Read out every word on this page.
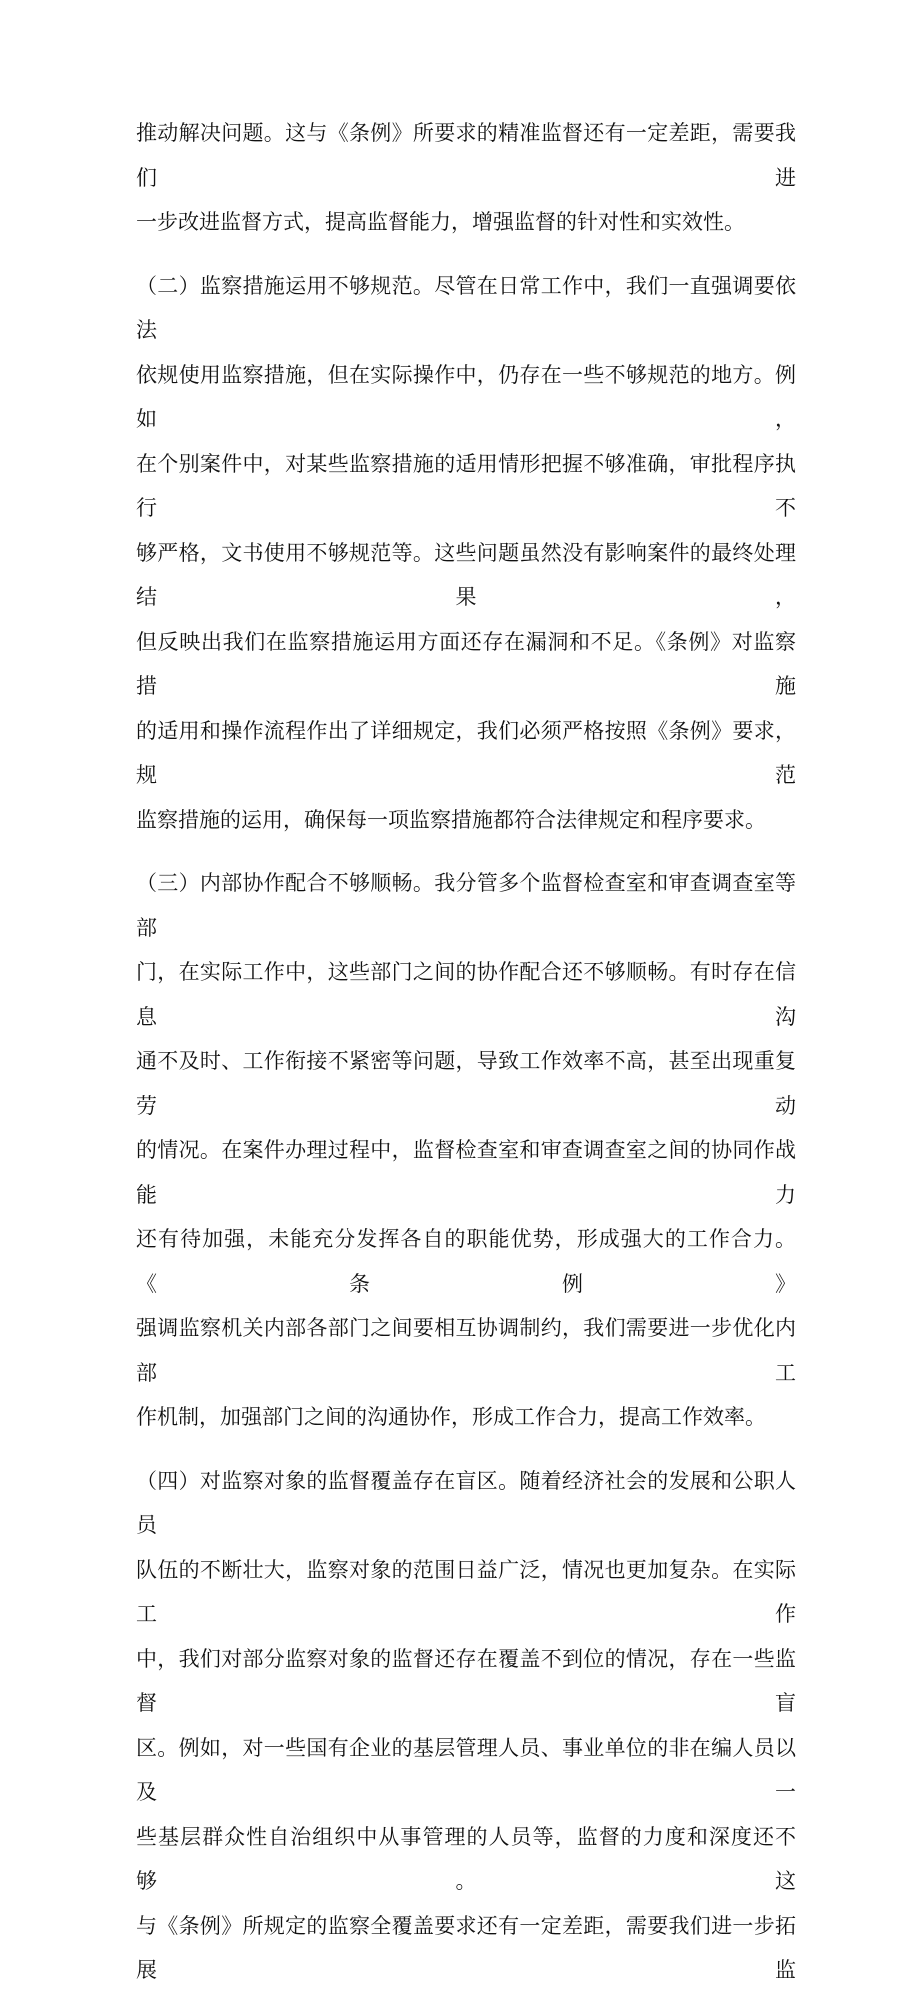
推动解决问题。这与《条例》所要求的精准监督还有一定差距，需要我们进
一步改进监督方式，提高监督能力，增强监督的针对性和实效性。

（二）监察措施运用不够规范。尽管在日常工作中，我们一直强调要依法
依规使用监察措施，但在实际操作中，仍存在一些不够规范的地方。例如，
在个别案件中，对某些监察措施的适用情形把握不够准确，审批程序执行不
够严格，文书使用不够规范等。这些问题虽然没有影响案件的最终处理结果，
但反映出我们在监察措施运用方面还存在漏洞和不足。《条例》对监察措施
的适用和操作流程作出了详细规定，我们必须严格按照《条例》要求，规范
监察措施的运用，确保每一项监察措施都符合法律规定和程序要求。

（三）内部协作配合不够顺畅。我分管多个监督检查室和审查调查室等部
门，在实际工作中，这些部门之间的协作配合还不够顺畅。有时存在信息沟
通不及时、工作衔接不紧密等问题，导致工作效率不高，甚至出现重复劳动
的情况。在案件办理过程中，监督检查室和审查调查室之间的协同作战能力
还有待加强，未能充分发挥各自的职能优势，形成强大的工作合力。《条例》
强调监察机关内部各部门之间要相互协调制约，我们需要进一步优化内部工
作机制，加强部门之间的沟通协作，形成工作合力，提高工作效率。

（四）对监察对象的监督覆盖存在盲区。随着经济社会的发展和公职人员
队伍的不断壮大，监察对象的范围日益广泛，情况也更加复杂。在实际工作
中，我们对部分监察对象的监督还存在覆盖不到位的情况，存在一些监督盲
区。例如，对一些国有企业的基层管理人员、事业单位的非在编人员以及一
些基层群众性自治组织中从事管理的人员等，监督的力度和深度还不够。这
与《条例》所规定的监察全覆盖要求还有一定差距，需要我们进一步拓展监
